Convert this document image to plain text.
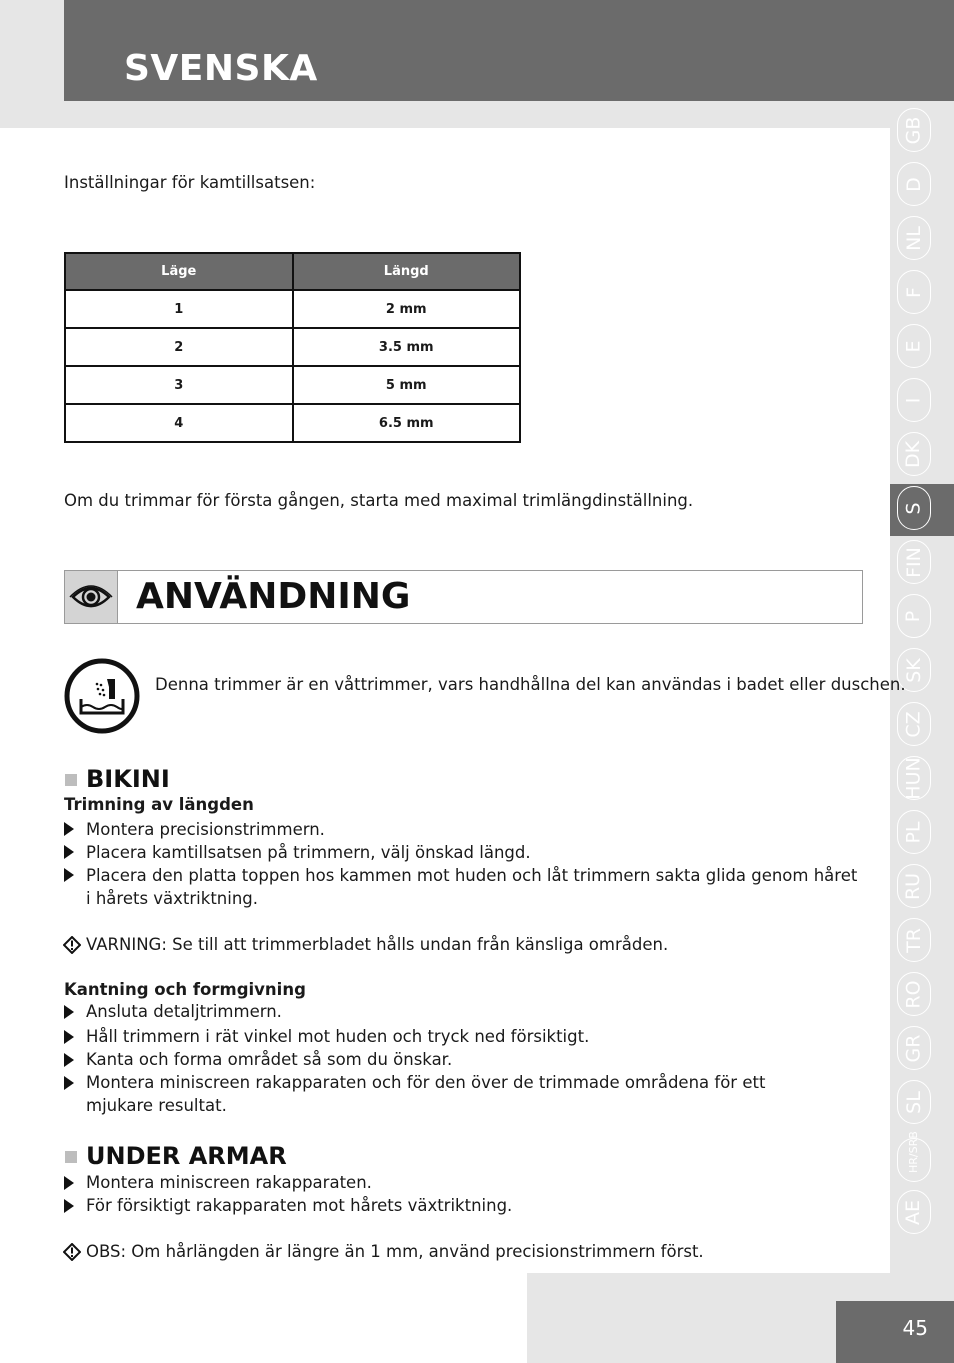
SVENSKA
GB
D
NL
F
E
I
DK
S
FIN
P
SK
CZ
HUN
PL
RU
TR
RO
GR
SL
HR/SRB
AE
45
Inställningar för kamtillsatsen:
Läge	Längd
1	2 mm
2	3.5 mm
3	5 mm
4	6.5 mm
Om du trimmar för första gången, starta med maximal trimlängdinställning.
ANVÄNDNING
Denna trimmer är en våttrimmer, vars handhållna del kan användas i badet eller duschen.
BIKINI
Trimning av längden
Montera precisionstrimmern.
Placera kamtillsatsen på trimmern, välj önskad längd.
Placera den platta toppen hos kammen mot huden och låt trimmern sakta glida genom håret
i hårets växtriktning.
VARNING: Se till att trimmerbladet hålls undan från känsliga områden.
Kantning och formgivning
Ansluta detaljtrimmern.
Håll trimmern i rät vinkel mot huden och tryck ned försiktigt.
Kanta och forma området så som du önskar.
Montera miniscreen rakapparaten och för den över de trimmade områdena för ett
mjukare resultat.
UNDER ARMAR
Montera miniscreen rakapparaten.
För försiktigt rakapparaten mot hårets växtriktning.
OBS: Om hårlängden är längre än 1 mm, använd precisionstrimmern först.
